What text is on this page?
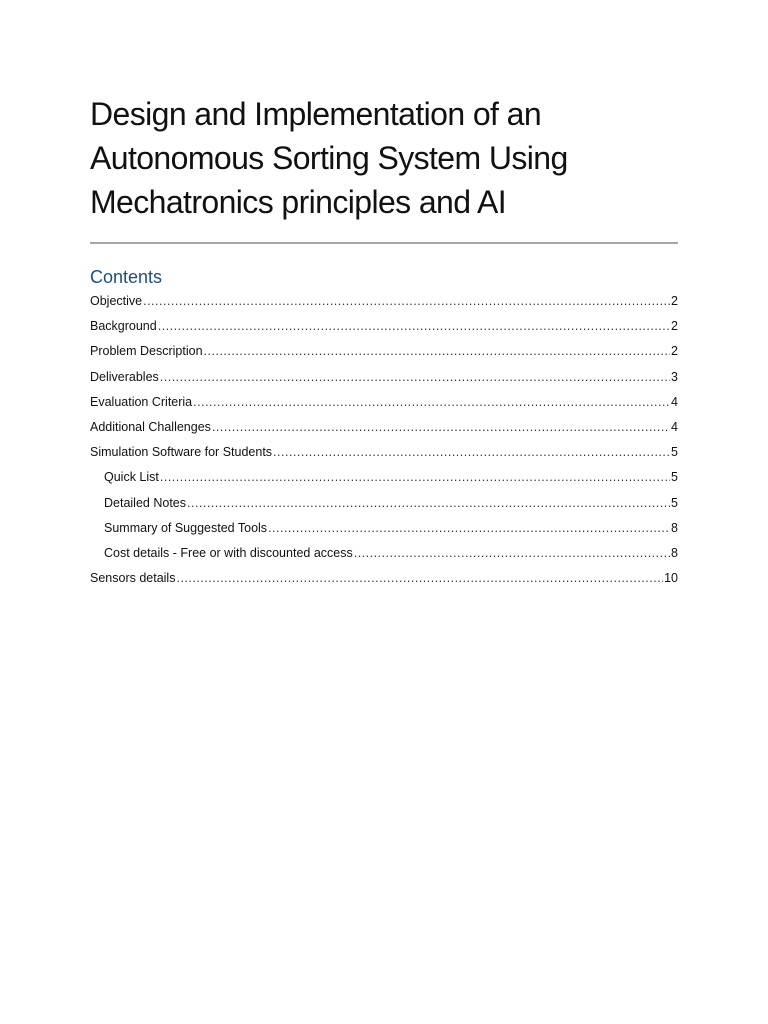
Design and Implementation of an Autonomous Sorting System Using Mechatronics principles and AI
Contents
Objective .....	2
Background .....	2
Problem Description .....	2
Deliverables .....	3
Evaluation Criteria .....	4
Additional Challenges .....	4
Simulation Software for Students .....	5
Quick List .....	5
Detailed Notes .....	5
Summary of Suggested Tools .....	8
Cost details - Free or with discounted access .....	8
Sensors details .....	10
